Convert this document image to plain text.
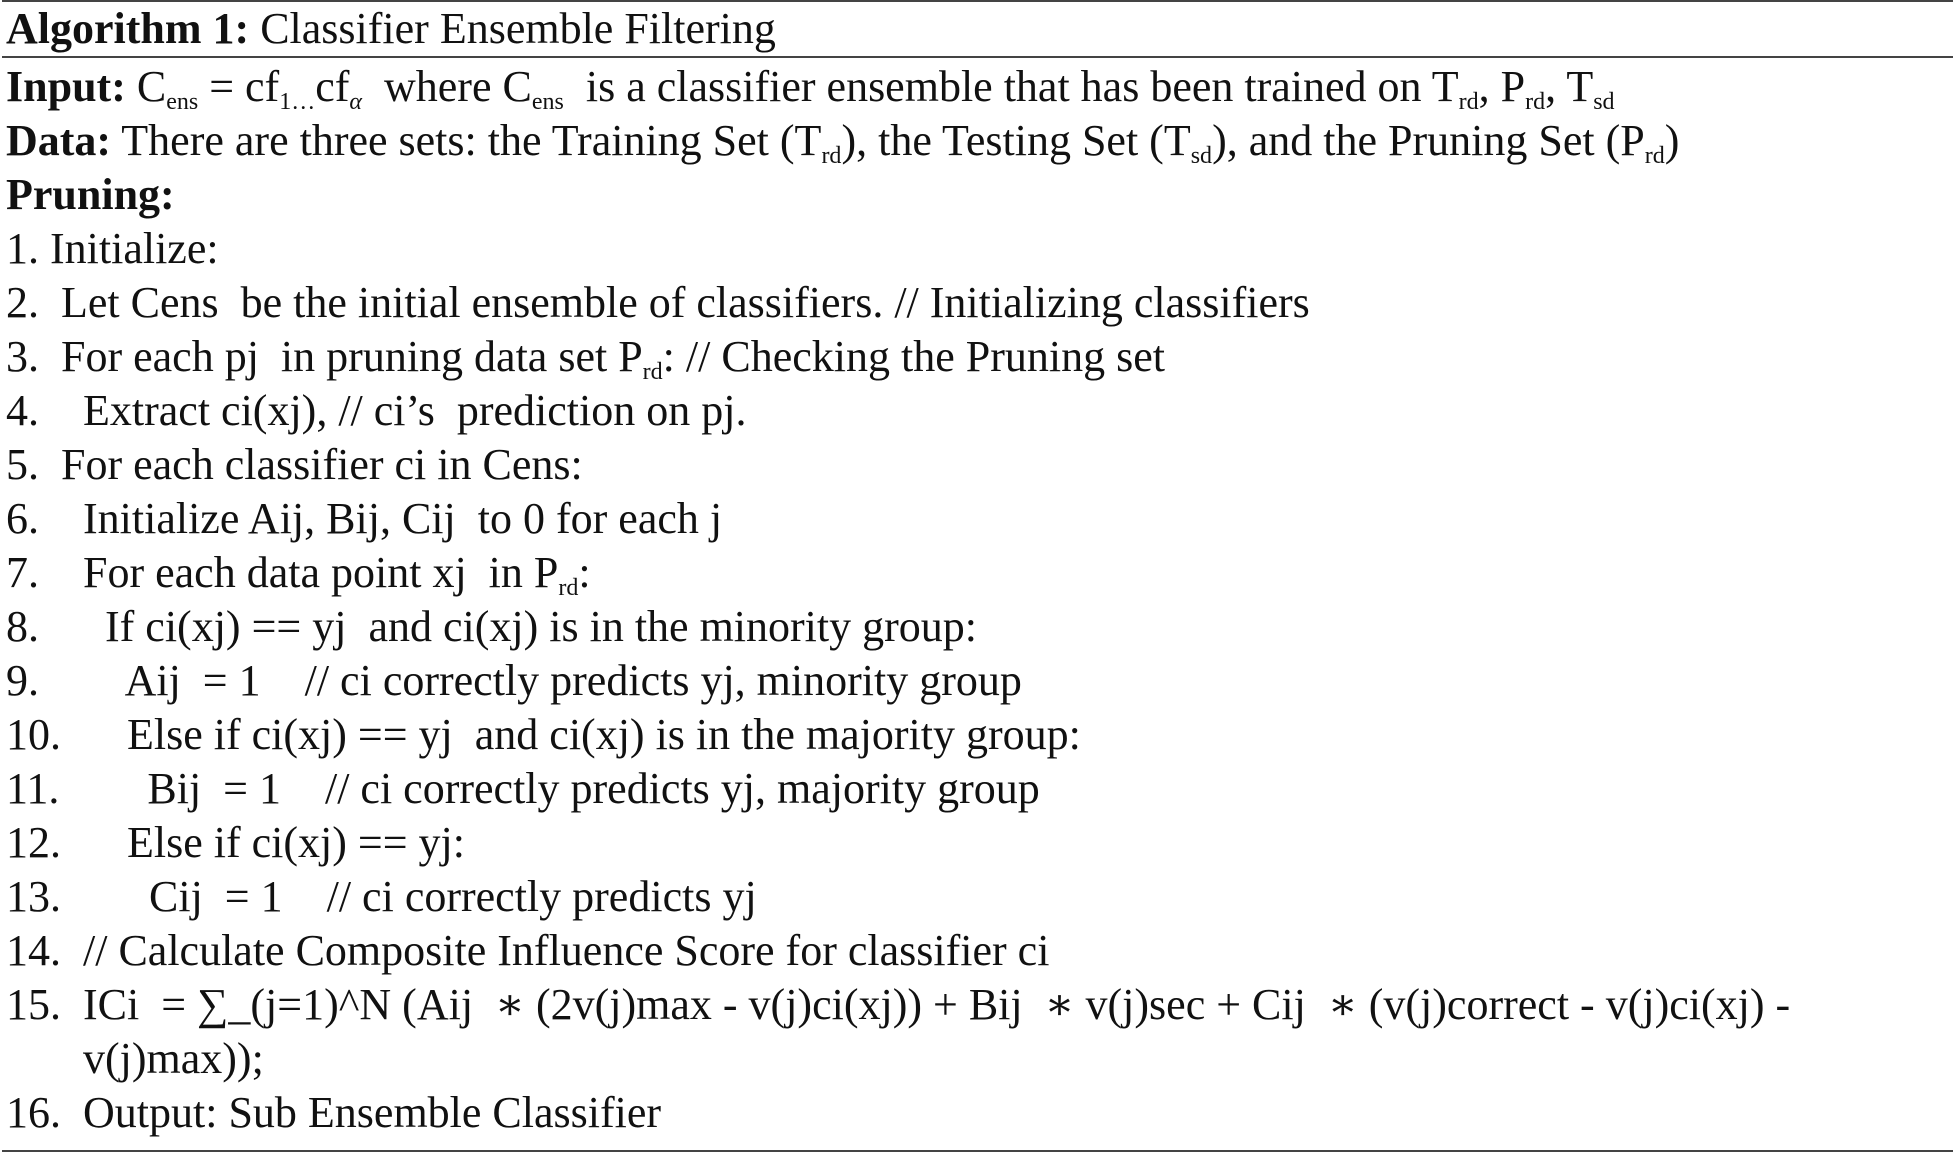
Algorithm 1: Classifier Ensemble Filtering
Input: $C_{ens} = cf_{1\dots}cf_\alpha$  where $C_{ens}$  is a classifier ensemble that has been trained on $T_{rd}$, $P_{rd}$, $T_{sd}$
Data: There are three sets: the Training Set $(T_{rd})$, the Testing Set $(T_{sd})$, and the Pruning Set $(P_{rd})$
Pruning:
1. Initialize:
2.  Let Cens  be the initial ensemble of classifiers. // Initializing classifiers
3.  For each pj  in pruning data set $P_{rd}$: // Checking the Pruning set
4.    Extract ci(xj), // ci’s  prediction on pj.
5.  For each classifier ci in Cens:
6.    Initialize Aij, Bij, Cij  to 0 for each j
7.    For each data point xj  in $P_{rd}$:
8.      If ci(xj) == yj  and ci(xj) is in the minority group:
9.        Aij  = 1    // ci correctly predicts yj, minority group
10.      Else if ci(xj) == yj  and ci(xj) is in the majority group:
11.        Bij  = 1    // ci correctly predicts yj, majority group
12.      Else if ci(xj) == yj:
13.        Cij  = 1    // ci correctly predicts yj
14.  // Calculate Composite Influence Score for classifier ci
15.  ICi  = ∑_(j=1)^N (Aij  ∗ (2v(j)max - v(j)ci(xj)) + Bij  ∗ v(j)sec + Cij  ∗ (v(j)correct - v(j)ci(xj) -
v(j)max));
16.  Output: Sub Ensemble Classifier
